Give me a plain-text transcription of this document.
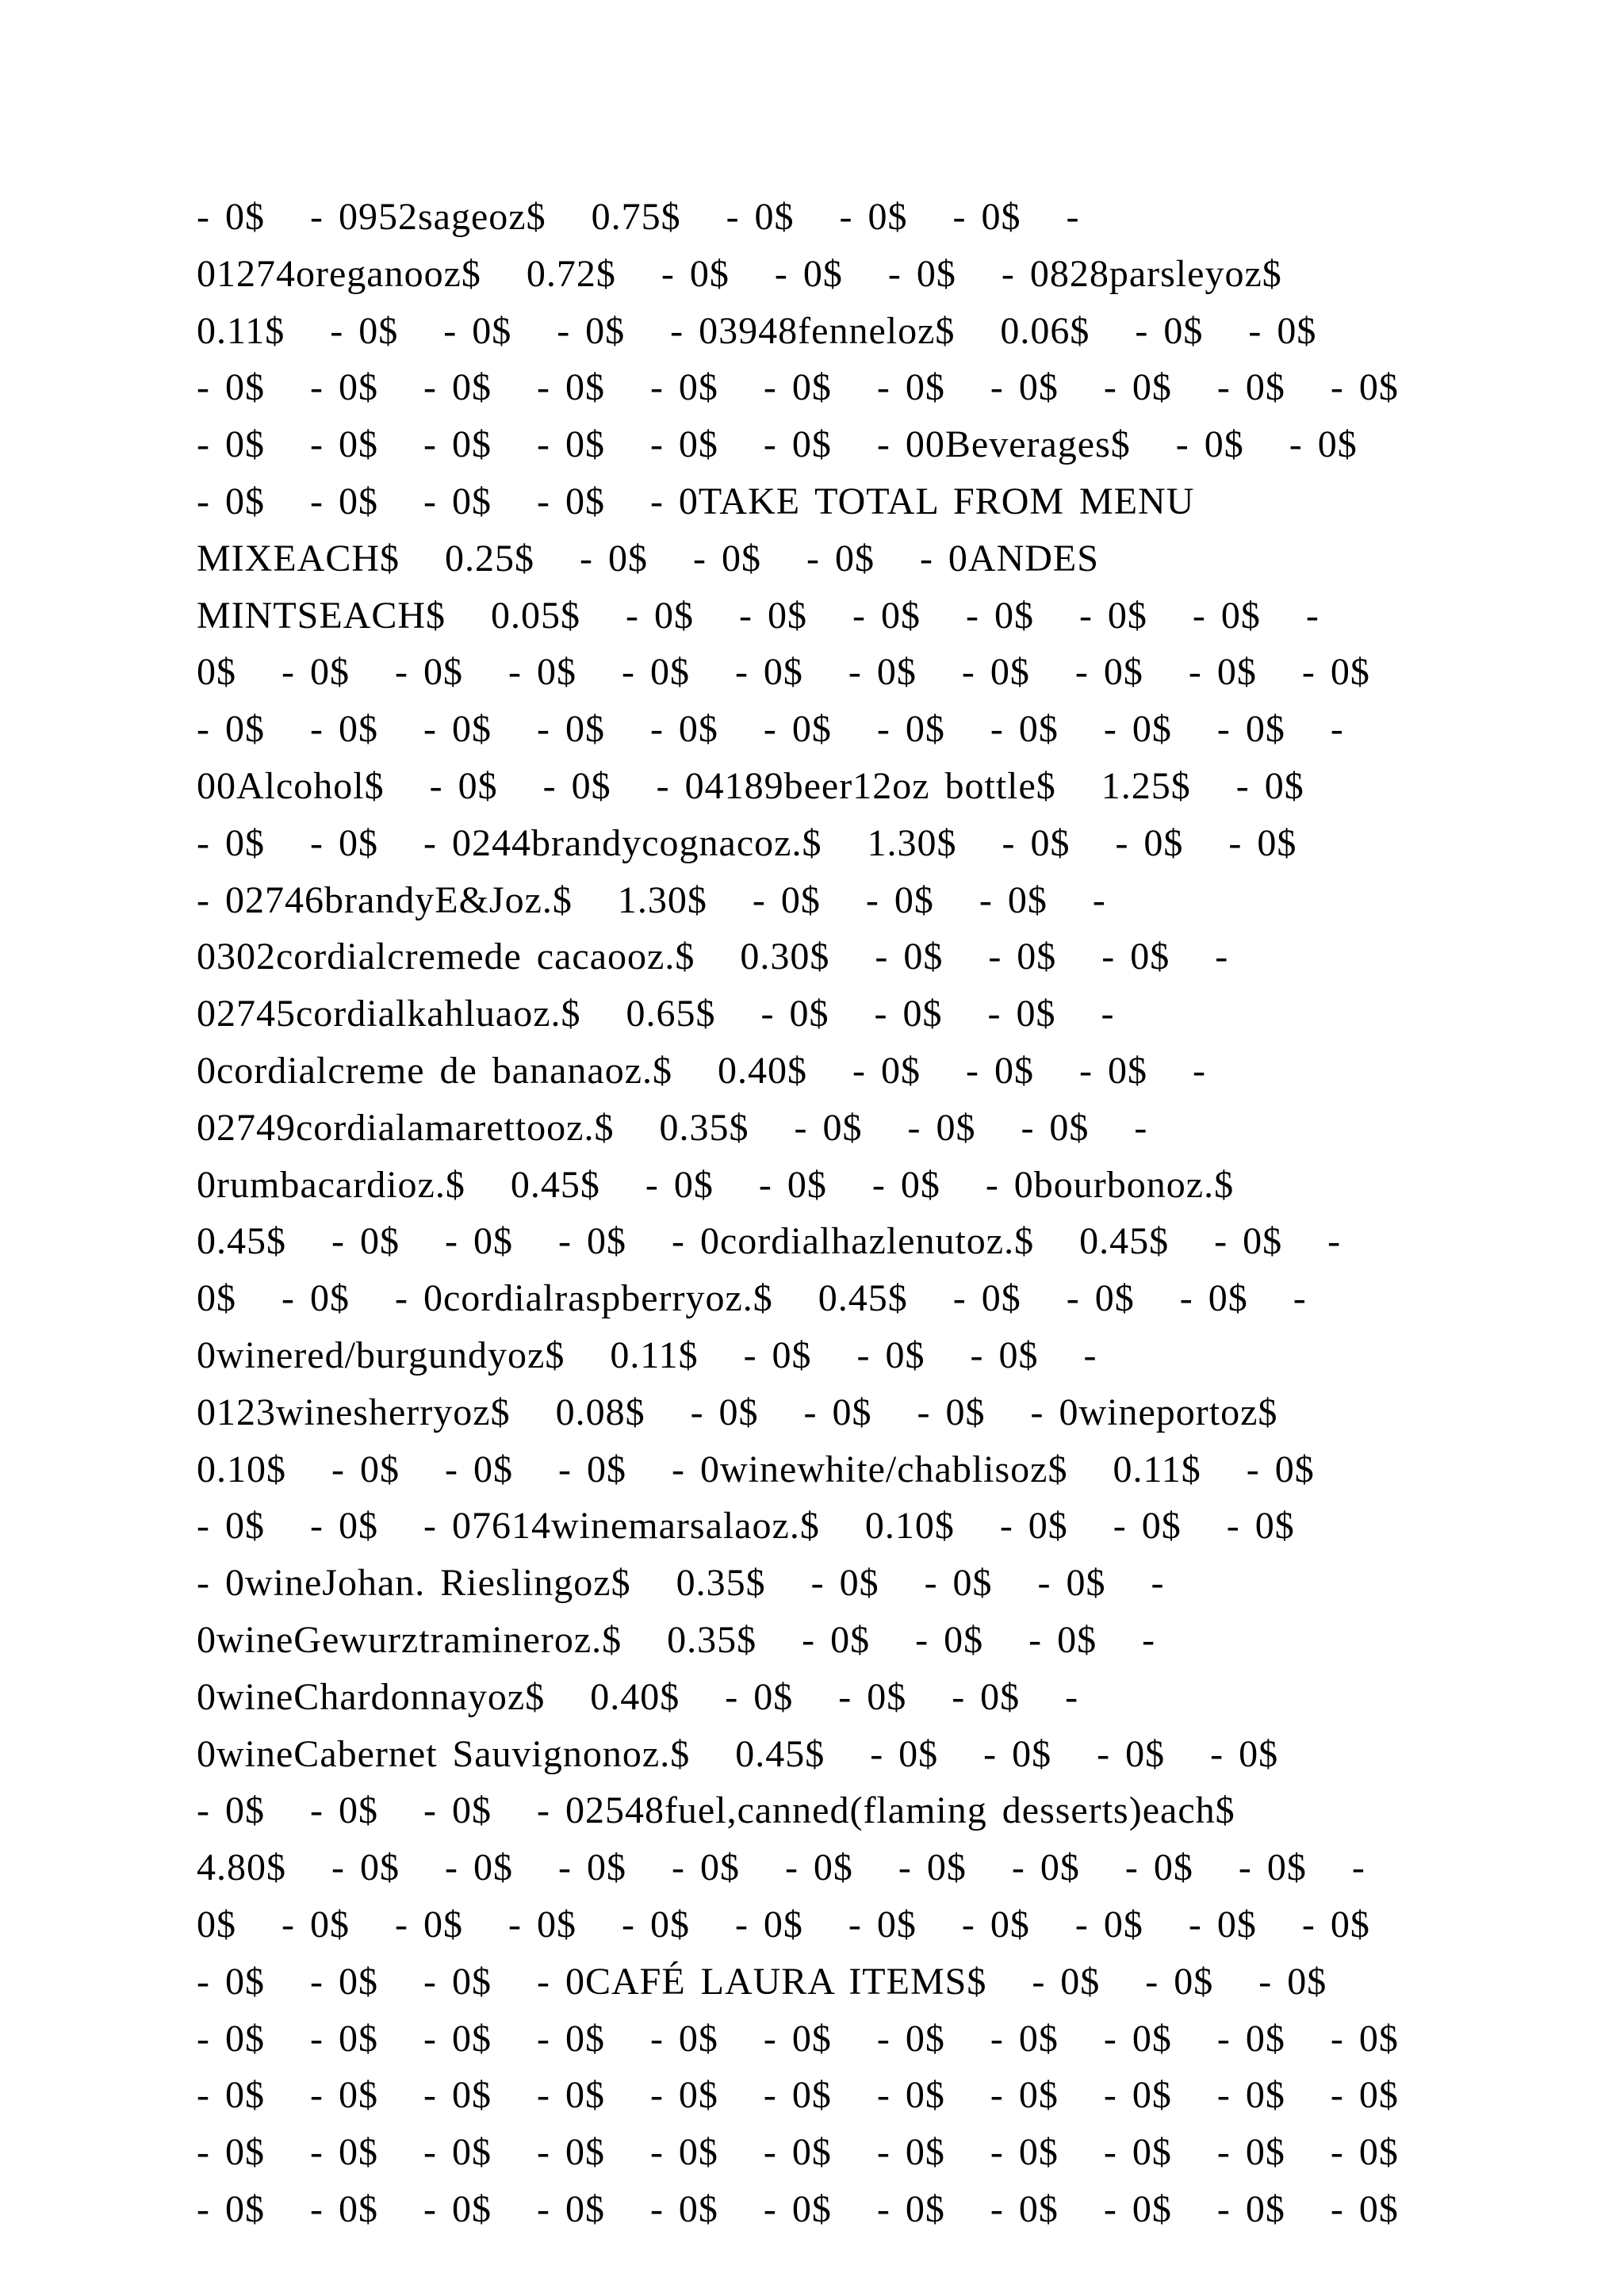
- 0$   - 0952sageoz$   0.75$   - 0$   - 0$   - 0$   -
01274oreganooz$   0.72$   - 0$   - 0$   - 0$   - 0828parsleyoz$
0.11$   - 0$   - 0$   - 0$   - 03948fenneloz$   0.06$   - 0$   - 0$
- 0$   - 0$   - 0$   - 0$   - 0$   - 0$   - 0$   - 0$   - 0$   - 0$   - 0$
- 0$   - 0$   - 0$   - 0$   - 0$   - 0$   - 00Beverages$   - 0$   - 0$
- 0$   - 0$   - 0$   - 0$   - 0TAKE TOTAL FROM MENU
MIXEACH$   0.25$   - 0$   - 0$   - 0$   - 0ANDES
MINTSEACH$   0.05$   - 0$   - 0$   - 0$   - 0$   - 0$   - 0$   -
0$   - 0$   - 0$   - 0$   - 0$   - 0$   - 0$   - 0$   - 0$   - 0$   - 0$
- 0$   - 0$   - 0$   - 0$   - 0$   - 0$   - 0$   - 0$   - 0$   - 0$   -
00Alcohol$   - 0$   - 0$   - 04189beer12oz bottle$   1.25$   - 0$
- 0$   - 0$   - 0244brandycognacoz.$   1.30$   - 0$   - 0$   - 0$
- 02746brandyE&Joz.$   1.30$   - 0$   - 0$   - 0$   -
0302cordialcremede cacaooz.$   0.30$   - 0$   - 0$   - 0$   -
02745cordialkahluaoz.$   0.65$   - 0$   - 0$   - 0$   -
0cordialcreme de bananaoz.$   0.40$   - 0$   - 0$   - 0$   -
02749cordialamarettooz.$   0.35$   - 0$   - 0$   - 0$   -
0rumbacardioz.$   0.45$   - 0$   - 0$   - 0$   - 0bourbonoz.$
0.45$   - 0$   - 0$   - 0$   - 0cordialhazlenutoz.$   0.45$   - 0$   -
0$   - 0$   - 0cordialraspberryoz.$   0.45$   - 0$   - 0$   - 0$   -
0winered/burgundyoz$   0.11$   - 0$   - 0$   - 0$   -
0123winesherryoz$   0.08$   - 0$   - 0$   - 0$   - 0wineportoz$
0.10$   - 0$   - 0$   - 0$   - 0winewhite/chablisoz$   0.11$   - 0$
- 0$   - 0$   - 07614winemarsalaoz.$   0.10$   - 0$   - 0$   - 0$
- 0wineJohan. Rieslingoz$   0.35$   - 0$   - 0$   - 0$   -
0wineGewurztramineroz.$   0.35$   - 0$   - 0$   - 0$   -
0wineChardonnayoz$   0.40$   - 0$   - 0$   - 0$   -
0wineCabernet Sauvignonoz.$   0.45$   - 0$   - 0$   - 0$   - 0$
- 0$   - 0$   - 0$   - 02548fuel,canned(flaming desserts)each$
4.80$   - 0$   - 0$   - 0$   - 0$   - 0$   - 0$   - 0$   - 0$   - 0$   -
0$   - 0$   - 0$   - 0$   - 0$   - 0$   - 0$   - 0$   - 0$   - 0$   - 0$
- 0$   - 0$   - 0$   - 0CAFÉ LAURA ITEMS$   - 0$   - 0$   - 0$
- 0$   - 0$   - 0$   - 0$   - 0$   - 0$   - 0$   - 0$   - 0$   - 0$   - 0$
- 0$   - 0$   - 0$   - 0$   - 0$   - 0$   - 0$   - 0$   - 0$   - 0$   - 0$
- 0$   - 0$   - 0$   - 0$   - 0$   - 0$   - 0$   - 0$   - 0$   - 0$   - 0$
- 0$   - 0$   - 0$   - 0$   - 0$   - 0$   - 0$   - 0$   - 0$   - 0$   - 0$
